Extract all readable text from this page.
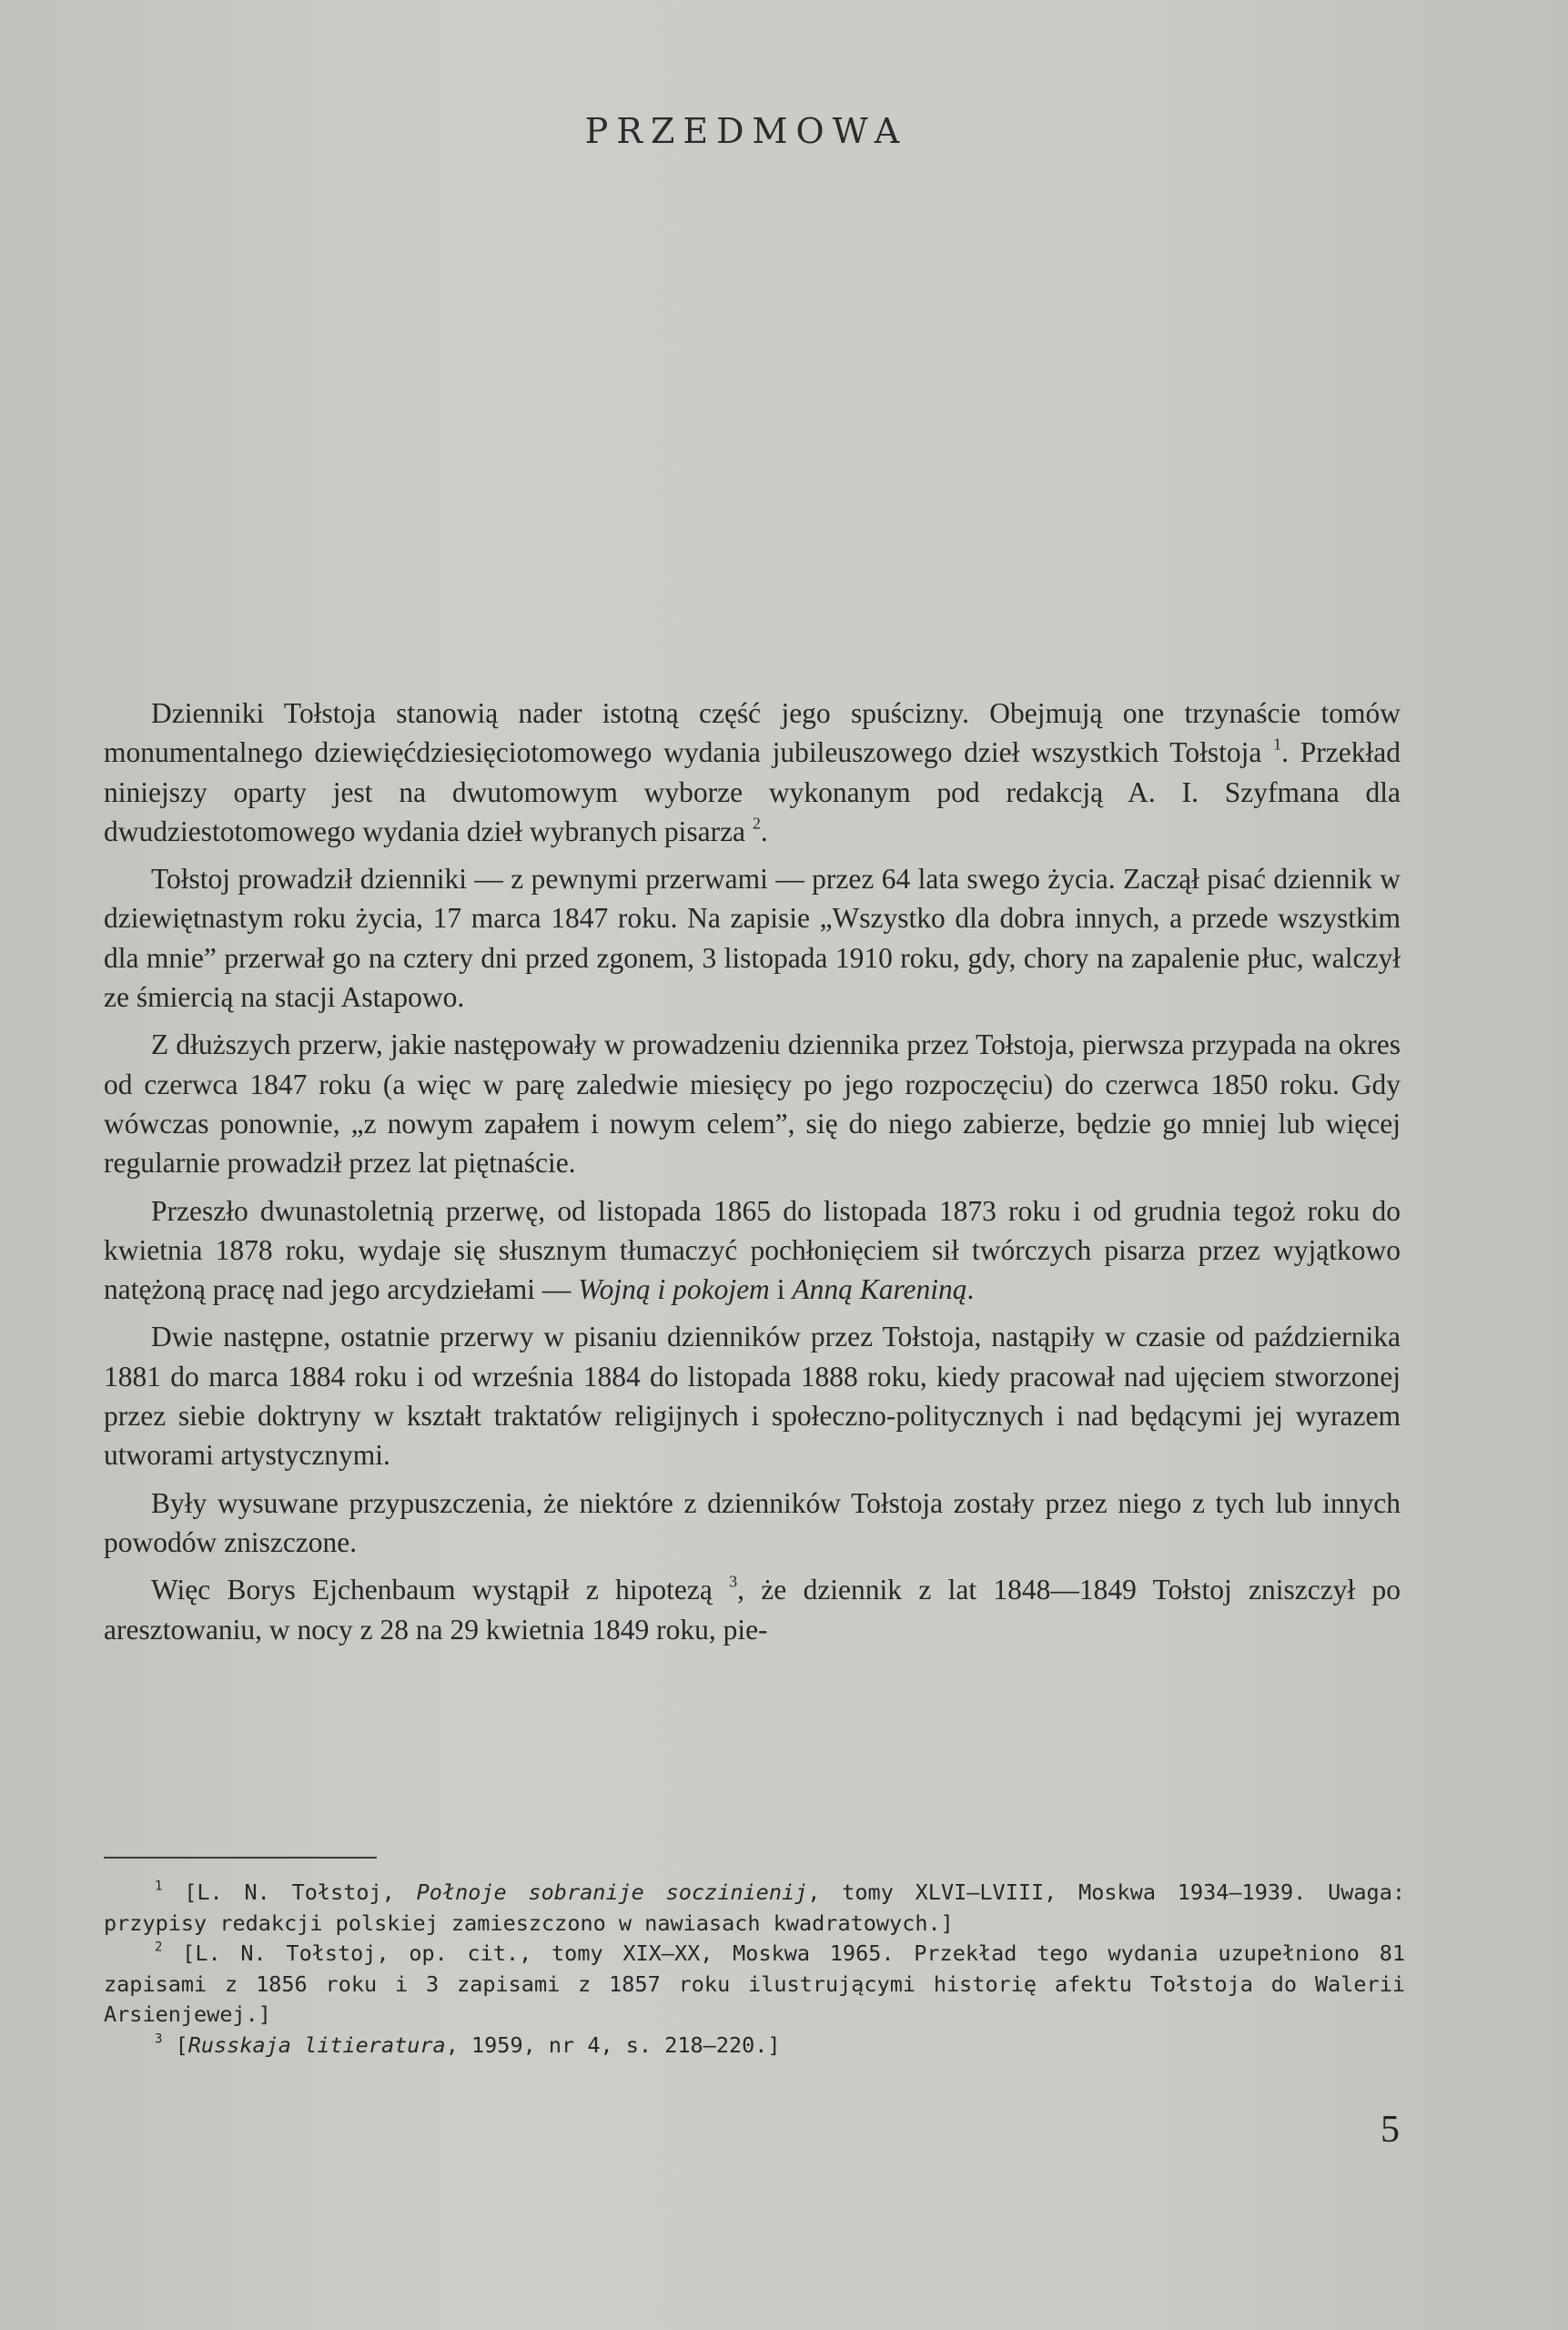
PRZEDMOWA

Dzienniki Tołstoja stanowią nader istotną część jego spuścizny. Obejmują one trzynaście tomów monumentalnego dziewięćdziesięciotomowego wydania jubileuszowego dzieł wszystkich Tołstoja $^1$. Przekład niniejszy oparty jest na dwutomowym wyborze wykonanym pod redakcją A. I. Szyfmana dla dwudziestotomowego wydania dzieł wybranych pisarza $^2$.

Tołstoj prowadził dzienniki — z pewnymi przerwami — przez 64 lata swego życia. Zaczął pisać dziennik w dziewiętnastym roku życia, 17 marca 1847 roku. Na zapisie „Wszystko dla dobra innych, a przede wszystkim dla mnie” przerwał go na cztery dni przed zgonem, 3 listopada 1910 roku, gdy, chory na zapalenie płuc, walczył ze śmiercią na stacji Astapowo.

Z dłuższych przerw, jakie następowały w prowadzeniu dziennika przez Tołstoja, pierwsza przypada na okres od czerwca 1847 roku (a więc w parę zaledwie miesięcy po jego rozpoczęciu) do czerwca 1850 roku. Gdy wówczas ponownie, „z nowym zapałem i nowym celem”, się do niego zabierze, będzie go mniej lub więcej regularnie prowadził przez lat piętnaście.

Przeszło dwunastoletnią przerwę, od listopada 1865 do listopada 1873 roku i od grudnia tegoż roku do kwietnia 1878 roku, wydaje się słusznym tłumaczyć pochłonięciem sił twórczych pisarza przez wyjątkowo natężoną pracę nad jego arcydziełami — Wojną i pokojem i Anną Kareniną.

Dwie następne, ostatnie przerwy w pisaniu dzienników przez Tołstoja, nastąpiły w czasie od października 1881 do marca 1884 roku i od września 1884 do listopada 1888 roku, kiedy pracował nad ujęciem stworzonej przez siebie doktryny w kształt traktatów religijnych i społeczno-politycznych i nad będącymi jej wyrazem utworami artystycznymi.

Były wysuwane przypuszczenia, że niektóre z dzienników Tołstoja zostały przez niego z tych lub innych powodów zniszczone.

Więc Borys Ejchenbaum wystąpił z hipotezą $^3$, że dziennik z lat 1848—1849 Tołstoj zniszczył po aresztowaniu, w nocy z 28 na 29 kwietnia 1849 roku, pie-

$^1$ [L. N. Tołstoj, Połnoje sobranije soczinienij, tomy XLVI—LVIII, Moskwa 1934—1939. Uwaga: przypisy redakcji polskiej zamieszczono w nawiasach kwadratowych.]

$^2$ [L. N. Tołstoj, op. cit., tomy XIX—XX, Moskwa 1965. Przekład tego wydania uzupełniono 81 zapisami z 1856 roku i 3 zapisami z 1857 roku ilustrującymi historię afektu Tołstoja do Walerii Arsienjewej.]

$^3$ [Russkaja litieratura, 1959, nr 4, s. 218—220.]

5
